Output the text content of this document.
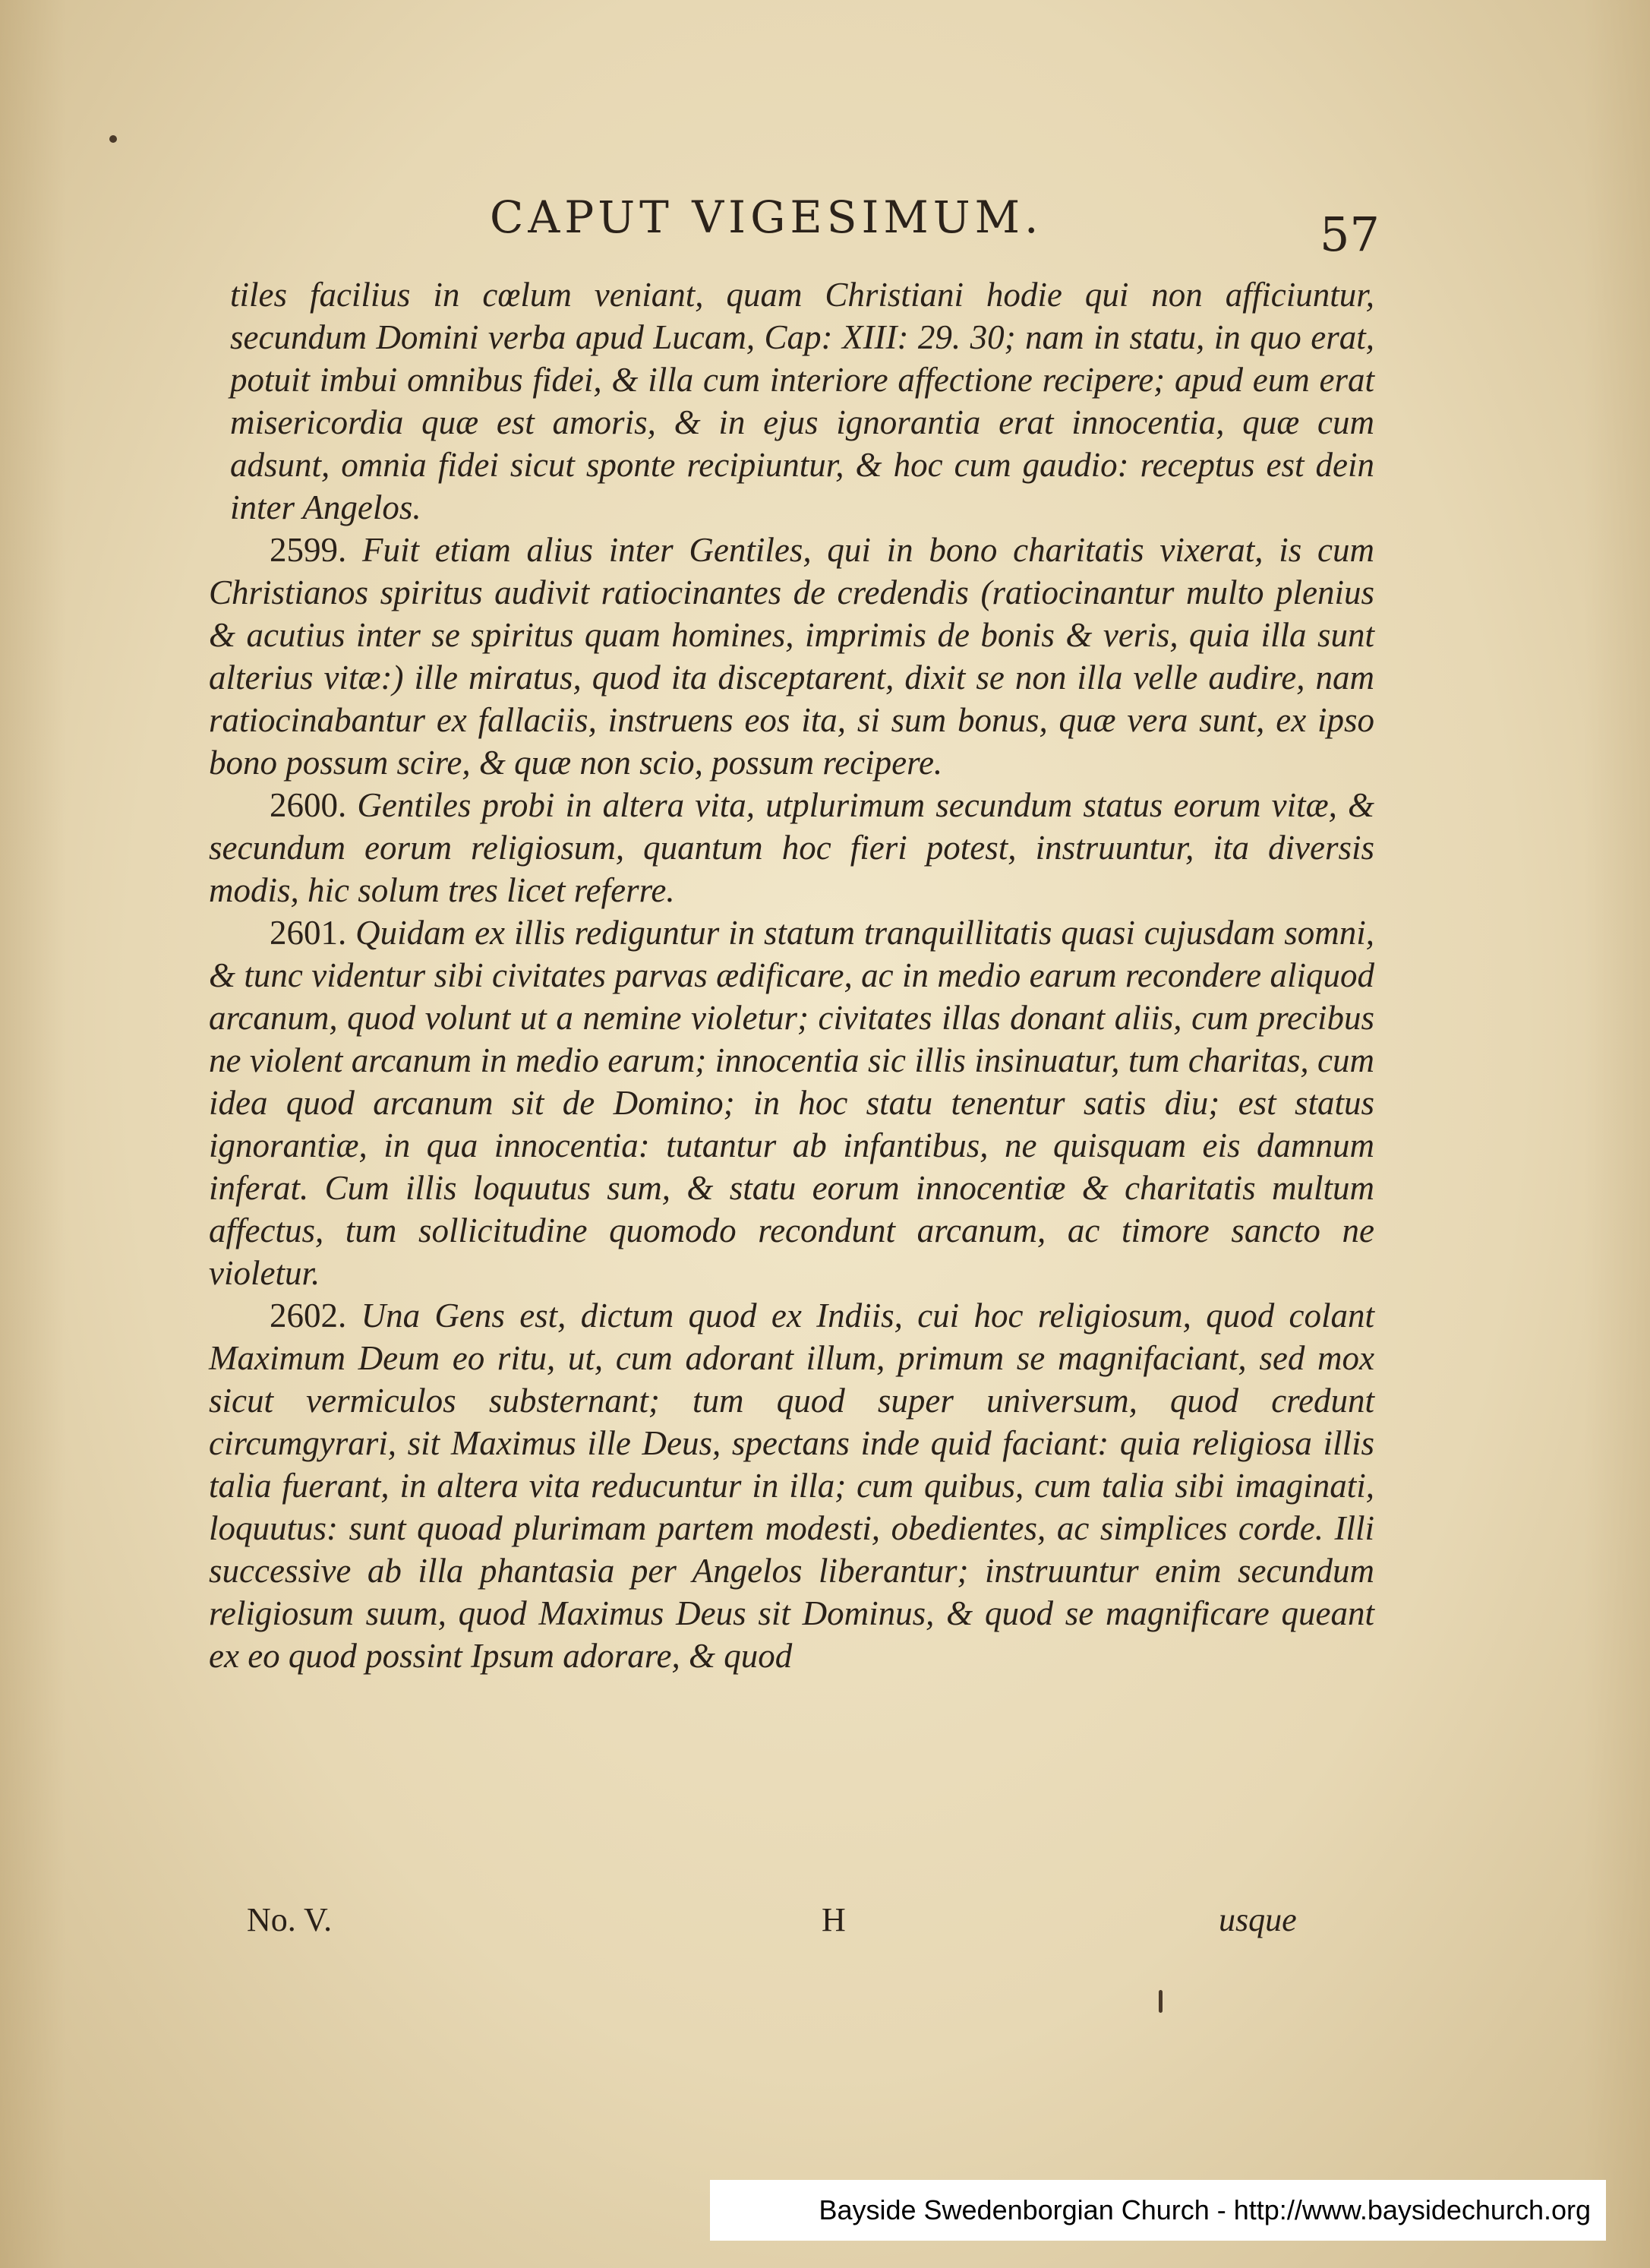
CAPUT VIGESIMUM.	57

tiles facilius in cœlum veniant, quam Christiani hodie qui non afficiuntur, secundum Domini verba apud Lucam, Cap: XIII: 29. 30; nam in statu, in quo erat, potuit imbui omnibus fidei, & illa cum interiore affectione recipere; apud eum erat misericordia quæ est amoris, & in ejus ignorantia erat innocentia, quæ cum adsunt, omnia fidei sicut sponte recipiuntur, & hoc cum gaudio: receptus est dein inter Angelos.

2599. Fuit etiam alius inter Gentiles, qui in bono charitatis vixerat, is cum Christianos spiritus audivit ratiocinantes de credendis (ratiocinantur multo plenius & acutius inter se spiritus quam homines, imprimis de bonis & veris, quia illa sunt alterius vitæ:) ille miratus, quod ita disceptarent, dixit se non illa velle audire, nam ratiocinabantur ex fallaciis, instruens eos ita, si sum bonus, quæ vera sunt, ex ipso bono possum scire, & quæ non scio, possum recipere.

2600. Gentiles probi in altera vita, utplurimum secundum status eorum vitæ, & secundum eorum religiosum, quantum hoc fieri potest, instruuntur, ita diversis modis, hic solum tres licet referre.

2601. Quidam ex illis rediguntur in statum tranquillitatis quasi cujusdam somni, & tunc videntur sibi civitates parvas ædificare, ac in medio earum recondere aliquod arcanum, quod volunt ut a nemine violetur; civitates illas donant aliis, cum precibus ne violent arcanum in medio earum; innocentia sic illis insinuatur, tum charitas, cum idea quod arcanum sit de Domino; in hoc statu tenentur satis diu; est status ignorantiæ, in qua innocentia: tutantur ab infantibus, ne quisquam eis damnum inferat. Cum illis loquutus sum, & statu eorum innocentiæ & charitatis multum affectus, tum sollicitudine quomodo recondunt arcanum, ac timore sancto ne violetur.

2602. Una Gens est, dictum quod ex Indiis, cui hoc religiosum, quod colant Maximum Deum eo ritu, ut, cum adorant illum, primum se magnifaciant, sed mox sicut vermiculos substernant; tum quod super universum, quod credunt circumgyrari, sit Maximus ille Deus, spectans inde quid faciant: quia religiosa illis talia fuerant, in altera vita reducuntur in illa; cum quibus, cum talia sibi imaginati, loquutus: sunt quoad plurimam partem modesti, obedientes, ac simplices corde. Illi successive ab illa phantasia per Angelos liberantur; instruuntur enim secundum religiosum suum, quod Maximus Deus sit Dominus, & quod se magnificare queant ex eo quod possint Ipsum adorare, & quod

No. V.	H	usque
Bayside Swedenborgian Church - http://www.baysidechurch.org
